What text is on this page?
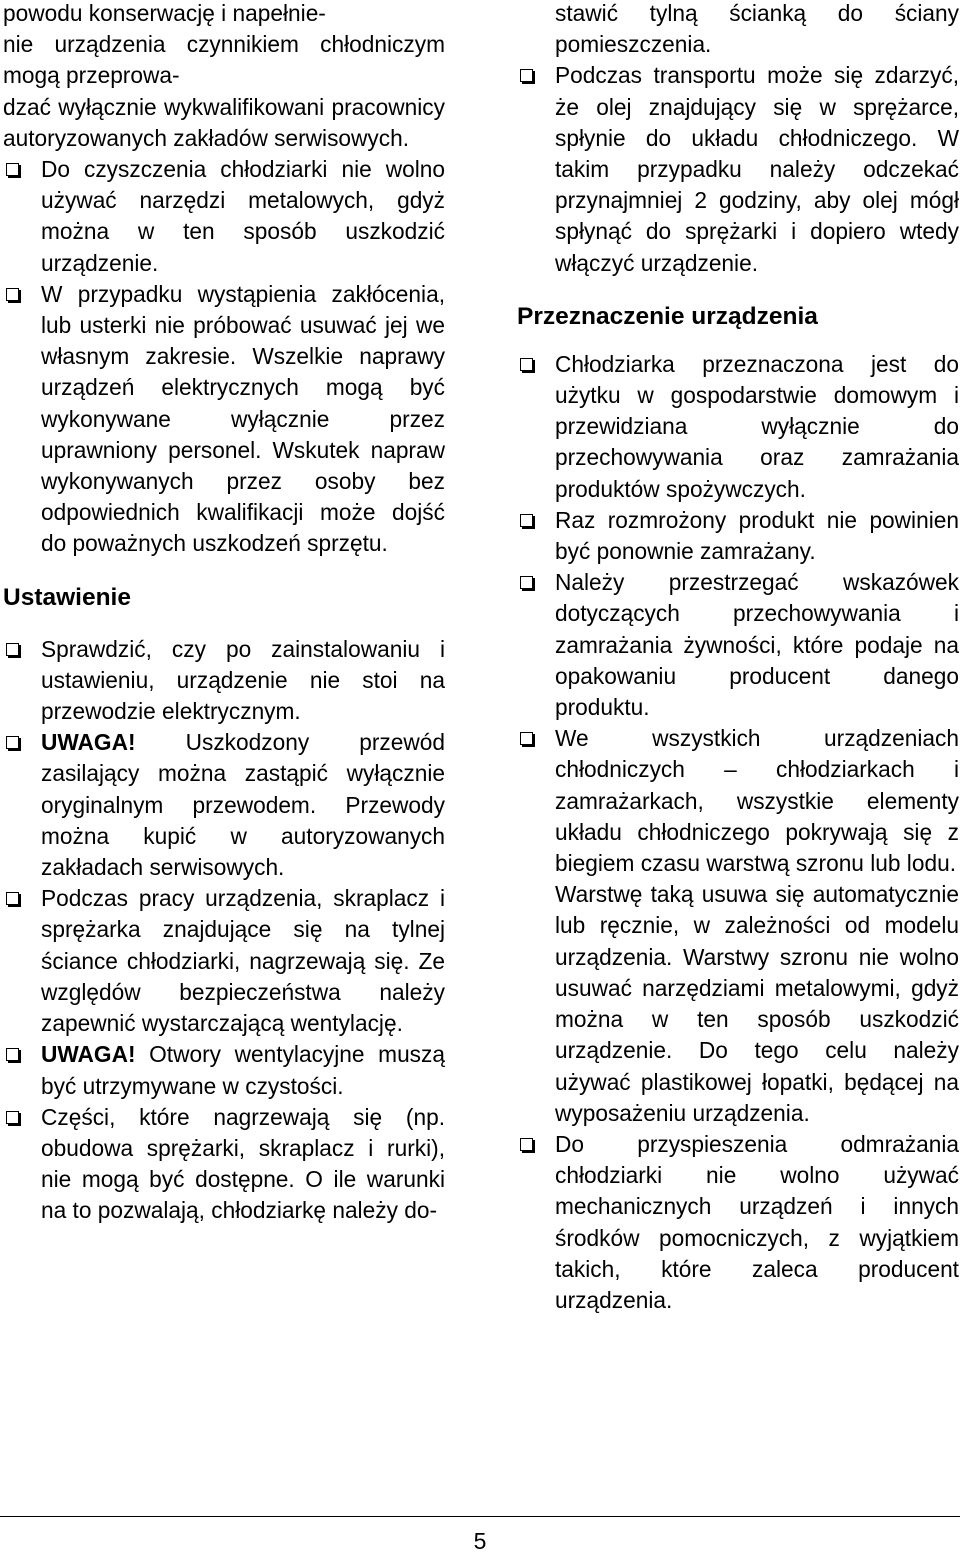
powodu konserwację i napełnie-

nie urządzenia czynnikiem chłodniczym mogą przeprowa-

dzać wyłącznie wykwalifikowani pracownicy autoryzowanych zakładów serwisowych.

Do czyszczenia chłodziarki nie wolno używać narzędzi metalowych, gdyż można w ten sposób uszkodzić urządzenie.
W przypadku wystąpienia zakłócenia, lub usterki nie próbować usuwać jej we własnym zakresie. Wszelkie naprawy urządzeń elektrycznych mogą być wykonywane wyłącznie przez uprawniony personel. Wskutek napraw wykonywanych przez osoby bez odpowiednich kwalifikacji może dojść do poważnych uszkodzeń sprzętu.
Ustawienie
Sprawdzić, czy po zainstalowaniu i ustawieniu, urządzenie nie stoi na przewodzie elektrycznym.
UWAGA! Uszkodzony przewód zasilający można zastąpić wyłącznie oryginalnym przewodem. Przewody można kupić w autoryzowanych zakładach serwisowych.
Podczas pracy urządzenia, skraplacz i sprężarka znajdujące się na tylnej ściance chłodziarki, nagrzewają się. Ze względów bezpieczeństwa należy zapewnić wystarczającą wentylację.
UWAGA! Otwory wentylacyjne muszą być utrzymywane w czystości.
Części, które nagrzewają się (np. obudowa sprężarki, skraplacz i rurki), nie mogą być dostępne. O ile warunki na to pozwalają, chłodziarkę należy do-

stawić tylną ścianką do ściany pomieszczenia.

Podczas transportu może się zdarzyć, że olej znajdujący się w sprężarce, spłynie do układu chłodniczego. W takim przypadku należy odczekać przynajmniej 2 godziny, aby olej mógł spłynąć do sprężarki i dopiero wtedy włączyć urządzenie.
Przeznaczenie urządzenia
Chłodziarka przeznaczona jest do użytku w gospodarstwie domowym i przewidziana wyłącznie do przechowywania oraz zamrażania produktów spożywczych.
Raz rozmrożony produkt nie powinien być ponownie zamrażany.
Należy przestrzegać wskazówek dotyczących przechowywania i zamrażania żywności, które podaje na opakowaniu producent danego produktu.
We wszystkich urządzeniach chłodniczych – chłodziarkach i zamrażarkach, wszystkie elementy układu chłodniczego pokrywają się z biegiem czasu warstwą szronu lub lodu.

Warstwę taką usuwa się automatycznie lub ręcznie, w zależności od modelu urządzenia. Warstwy szronu nie wolno usuwać narzędziami metalowymi, gdyż można w ten sposób uszkodzić urządzenie. Do tego celu należy używać plastikowej łopatki, będącej na wyposażeniu urządzenia.

Do przyspieszenia odmrażania chłodziarki nie wolno używać mechanicznych urządzeń i innych środków pomocniczych, z wyjątkiem takich, które zaleca producent urządzenia.
5
